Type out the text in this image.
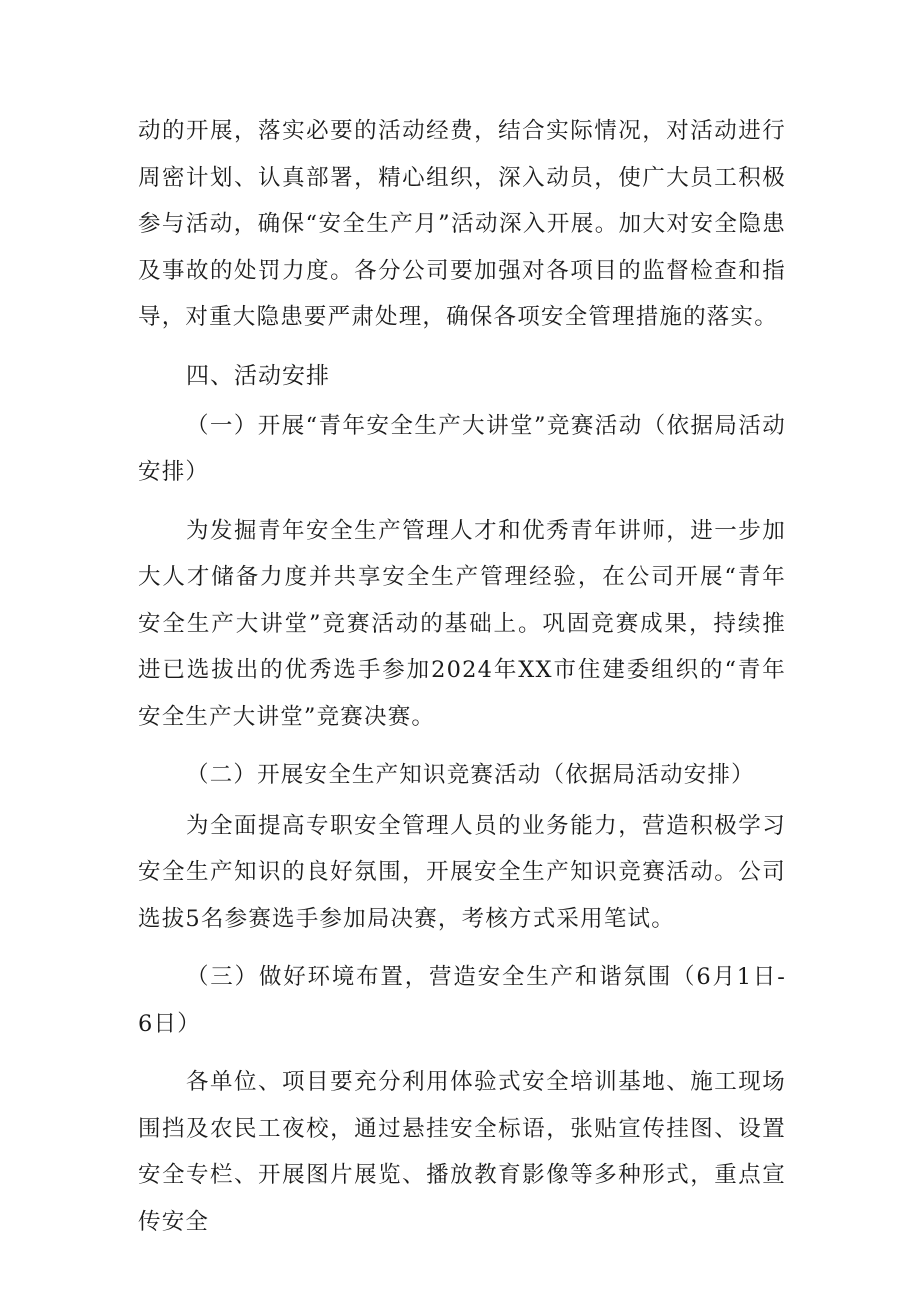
动的开展，落实必要的活动经费，结合实际情况，对活动进行周密计划、认真部署，精心组织，深入动员，使广大员工积极参与活动，确保“安全生产月”活动深入开展。加大对安全隐患及事故的处罚力度。各分公司要加强对各项目的监督检查和指导，对重大隐患要严肃处理，确保各项安全管理措施的落实。

四、活动安排

（一）开展“青年安全生产大讲堂”竞赛活动（依据局活动安排）

为发掘青年安全生产管理人才和优秀青年讲师，进一步加大人才储备力度并共享安全生产管理经验，在公司开展“青年安全生产大讲堂”竞赛活动的基础上。巩固竞赛成果，持续推进已选拔出的优秀选手参加2024年XX市住建委组织的“青年安全生产大讲堂”竞赛决赛。

（二）开展安全生产知识竞赛活动（依据局活动安排）

为全面提高专职安全管理人员的业务能力，营造积极学习安全生产知识的良好氛围，开展安全生产知识竞赛活动。公司选拔5名参赛选手参加局决赛，考核方式采用笔试。

（三）做好环境布置，营造安全生产和谐氛围（6月1日-6日）

各单位、项目要充分利用体验式安全培训基地、施工现场围挡及农民工夜校，通过悬挂安全标语，张贴宣传挂图、设置安全专栏、开展图片展览、播放教育影像等多种形式，重点宣传安全
